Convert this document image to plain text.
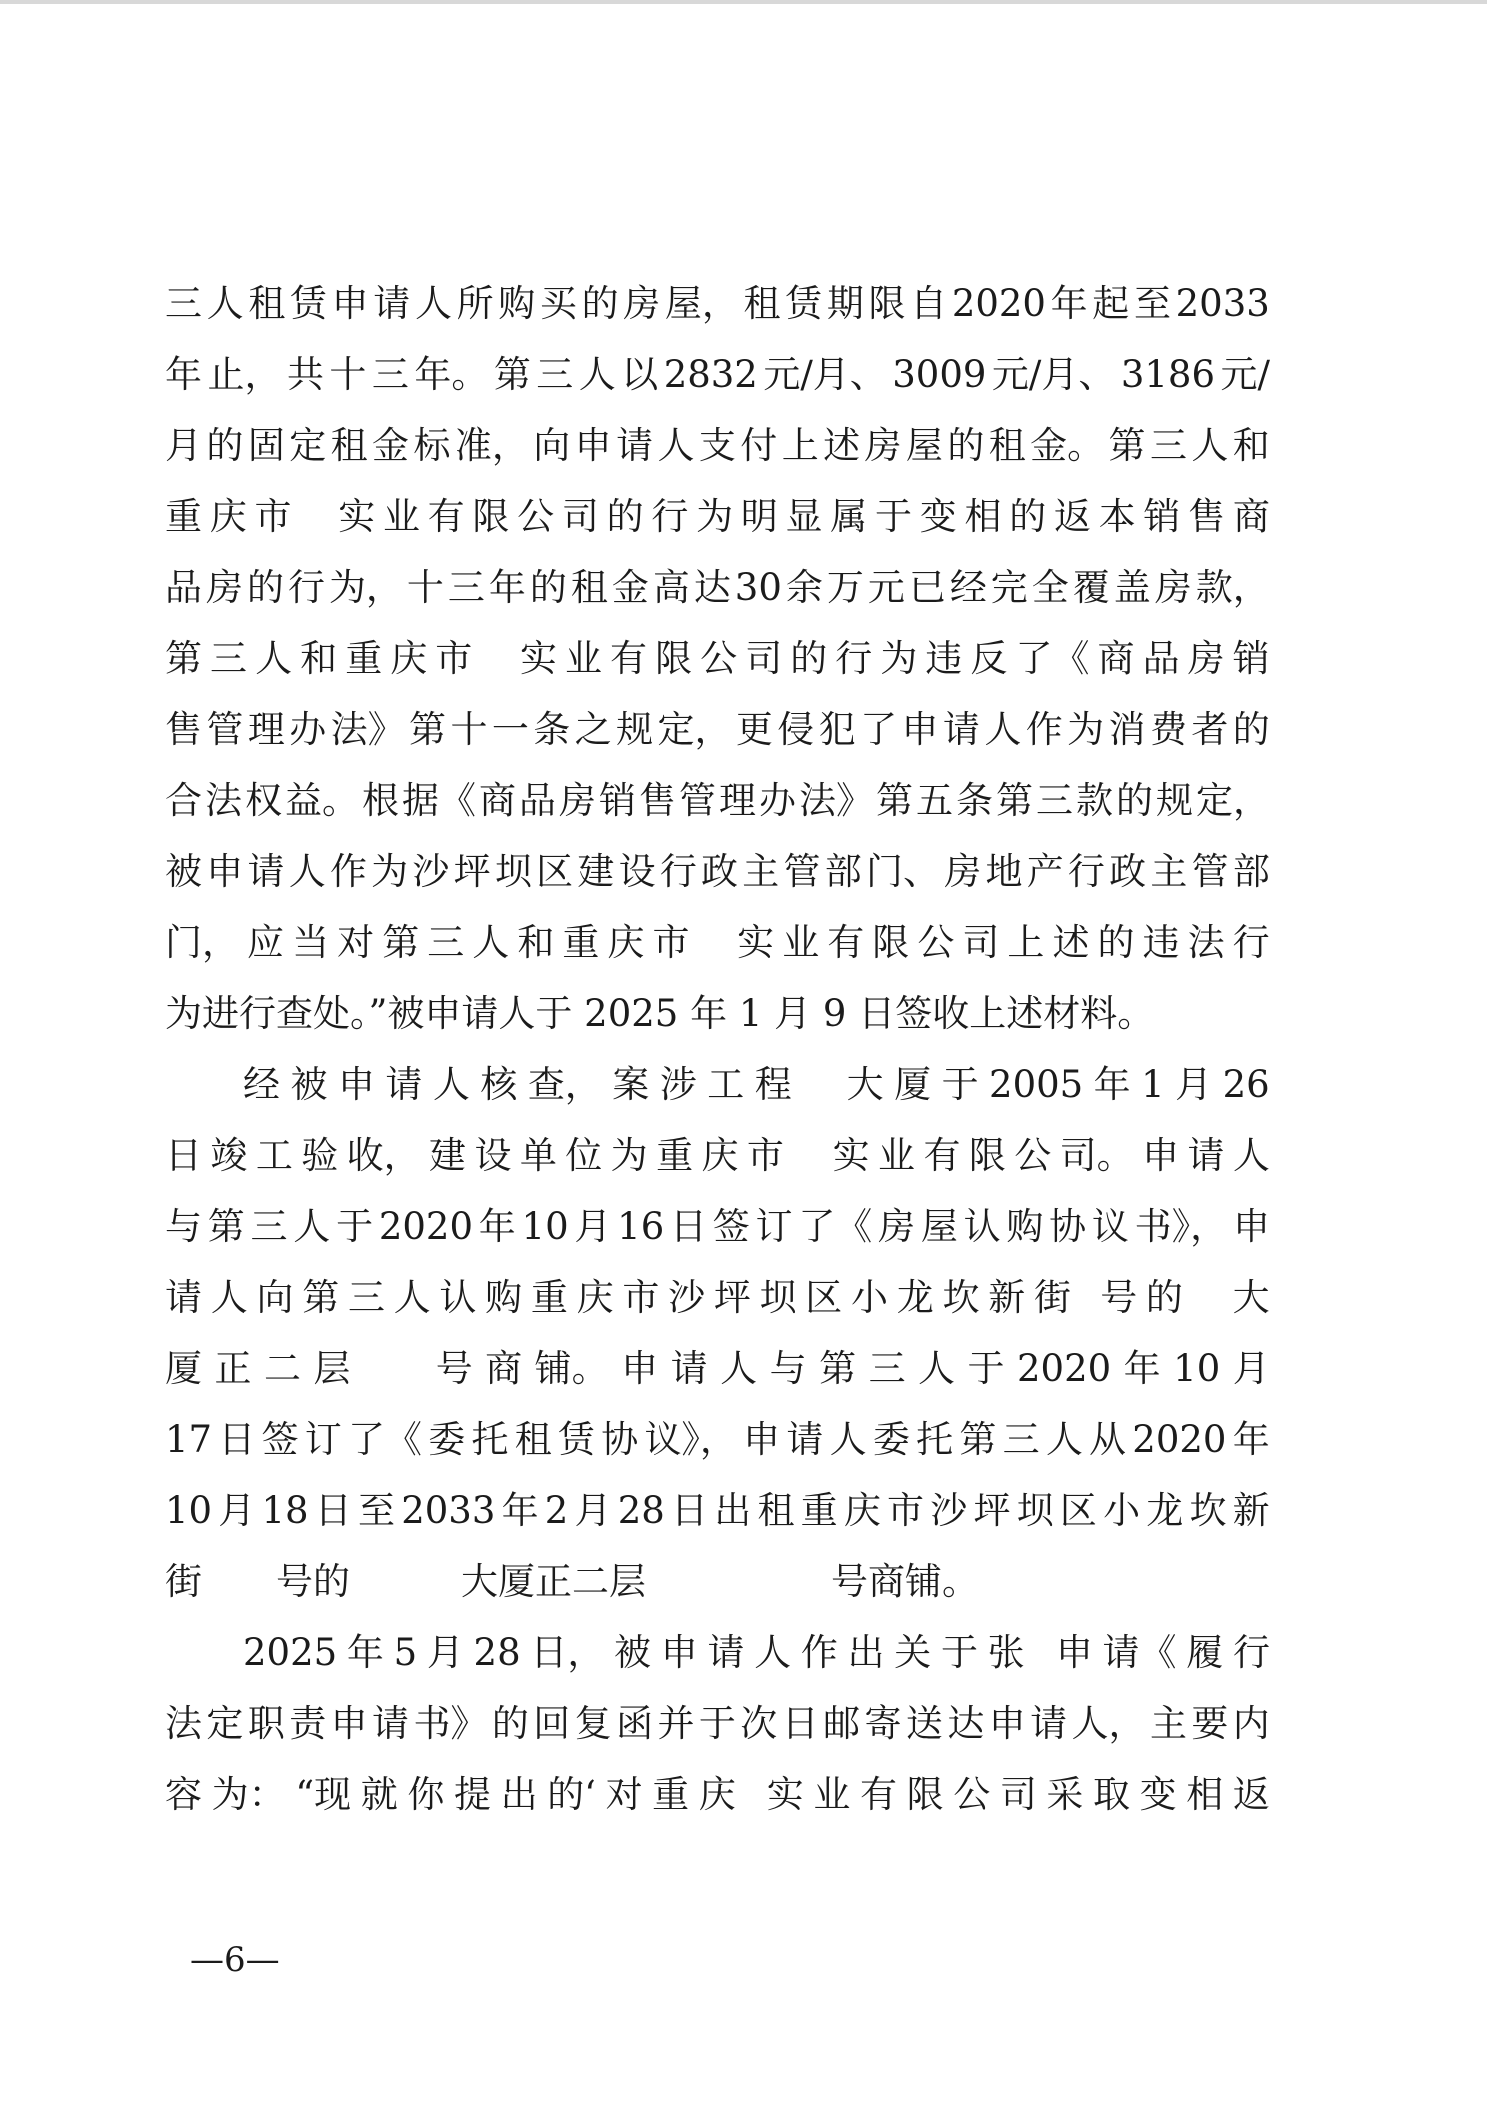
三 人 租 赁 申 请 人 所 购 买 的 房 屋， 租 赁 期 限 自 2020 年 起 至 2033
年 止， 共 十 三 年。 第 三 人 以 2832 元/月、 3009 元/月、 3186 元/
月 的 固 定 租 金 标 准， 向 申 请 人 支 付 上 述 房 屋 的 租 金。 第 三 人 和
重 庆 市

实 业 有 限 公 司 的 行 为 明 显 属 于 变 相 的 返 本 销 售 商
品 房 的 行 为， 十 三 年 的 租 金 高 达 30 余 万 元 已 经 完 全 覆 盖 房 款，
第 三 人 和 重 庆 市

实 业 有 限 公 司 的 行 为 违 反 了《 商 品 房 销
售 管 理 办 法》 第 十 一 条 之 规 定， 更 侵 犯 了 申 请 人 作 为 消 费 者 的
合 法 权 益。 根 据《 商 品 房 销 售 管 理 办 法》 第 五 条 第 三 款 的 规 定，
被 申 请 人 作 为 沙 坪 坝 区 建 设 行 政 主 管 部 门、 房 地 产 行 政 主 管 部
门， 应 当 对 第 三 人 和 重 庆 市

实 业 有 限 公 司 上 述 的 违 法 行
为进行查处。”被申请人于 2025 年 1 月 9 日签收上述材料。
经 被 申 请 人 核 查， 案 涉 工 程

大 厦 于 2005 年 1 月 26
日 竣 工 验 收， 建 设 单 位 为 重 庆 市

实 业 有 限 公 司。 申 请 人
与 第 三 人 于 2020 年 10 月 16 日 签 订 了《 房 屋 认 购 协 议 书》， 申
请 人 向 第 三 人 认 购 重 庆 市 沙 坪 坝 区 小 龙 坎 新 街
号 的

大
厦 正 二 层

号 商 铺。 申 请 人 与 第 三 人 于 2020 年 10 月
17 日 签 订 了《 委 托 租 赁 协 议》， 申 请 人 委 托 第 三 人 从 2020 年
10 月 18 日 至 2033 年 2 月 28 日 出 租 重 庆 市 沙 坪 坝 区 小 龙 坎 新
街　　号的　　　大厦正二层　　　　　号商铺。
2025 年 5 月 28 日， 被 申 请 人 作 出 关 于 张
申 请《 履 行
法 定 职 责 申 请 书》 的 回 复 函 并 于 次 日 邮 寄 送 达 申 请 人， 主 要 内
容 为： “现 就 你 提 出 的‘ 对 重 庆
实 业 有 限 公 司 采 取 变 相 返
—6—
